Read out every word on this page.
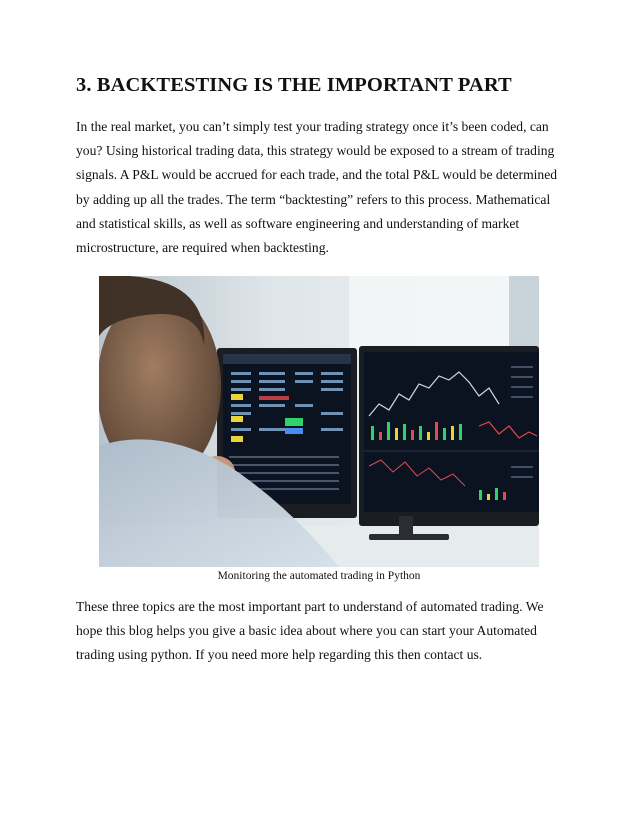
3. BACKTESTING IS THE IMPORTANT PART

In the real market, you can’t simply test your trading strategy once it’s been coded, can you? Using historical trading data, this strategy would be exposed to a stream of trading signals. A P&L would be accrued for each trade, and the total P&L would be determined by adding up all the trades. The term “backtesting” refers to this process. Mathematical and statistical skills, as well as software engineering and understanding of market microstructure, are required when backtesting.

Monitoring the automated trading in Python

These three topics are the most important part to understand of automated trading. We hope this blog helps you give a basic idea about where you can start your Automated trading using python. If you need more help regarding this then contact us.
